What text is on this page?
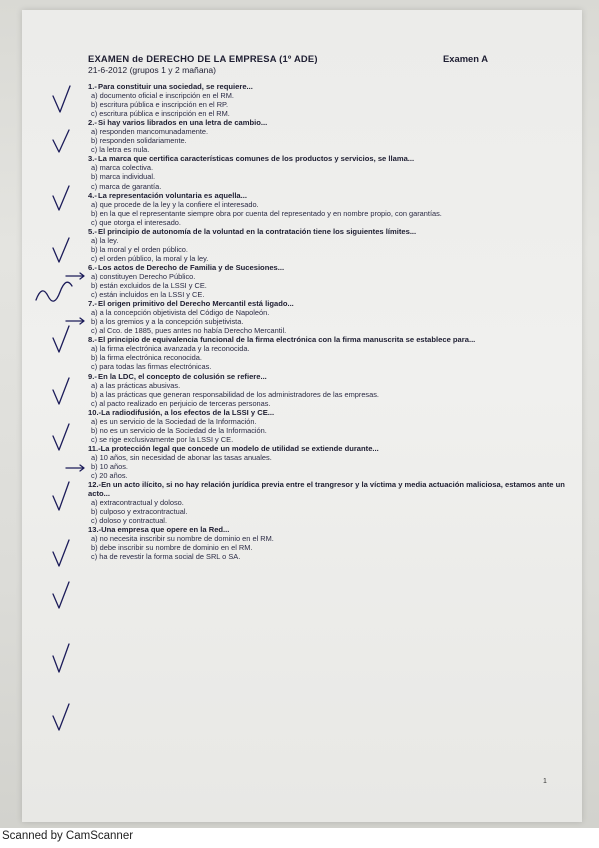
EXAMEN de DERECHO DE LA EMPRESA (1º ADE)	Examen A
21-6-2012 (grupos 1 y 2 mañana)
1.-Para constituir una sociedad, se requiere...
a) documento oficial e inscripción en el RM.
b) escritura pública e inscripción en el RP.
c) escritura pública e inscripción en el RM.
2.-Si hay varios librados en una letra de cambio...
a) responden mancomunadamente.
b) responden solidariamente.
c) la letra es nula.
3.-La marca que certifica características comunes de los productos y servicios, se llama...
a) marca colectiva.
b) marca individual.
c) marca de garantía.
4.-La representación voluntaria es aquella...
a) que procede de la ley y la confiere el interesado.
b) en la que el representante siempre obra por cuenta del representado y en nombre propio, con garantías.
c) que otorga el interesado.
5.-El principio de autonomía de la voluntad en la contratación tiene los siguientes límites...
a) la ley.
b) la moral y el orden público.
c) el orden público, la moral y la ley.
6.-Los actos de Derecho de Familia y de Sucesiones...
a) constituyen Derecho Público.
b) están excluidos de la LSSI y CE.
c) están incluidos en la LSSI y CE.
7.-El origen primitivo del Derecho Mercantil está ligado...
a) a la concepción objetivista del Código de Napoleón.
b) a los gremios y a la concepción subjetivista.
c) al Cco. de 1885, pues antes no había Derecho Mercantil.
8.-El principio de equivalencia funcional de la firma electrónica con la firma manuscrita se establece para...
a) la firma electrónica avanzada y la reconocida.
b) la firma electrónica reconocida.
c) para todas las firmas electrónicas.
9.-En la LDC, el concepto de colusión se refiere...
a) a las prácticas abusivas.
b) a las prácticas que generan responsabilidad de los administradores de las empresas.
c) al pacto realizado en perjuicio de terceras personas.
10.-La radiodifusión, a los efectos de la LSSI y CE...
a) es un servicio de la Sociedad de la Información.
b) no es un servicio de la Sociedad de la Información.
c) se rige exclusivamente por la LSSI y CE.
11.-La protección legal que concede un modelo de utilidad se extiende durante...
a) 10 años, sin necesidad de abonar las tasas anuales.
b) 10 años.
c) 20 años.
12.-En un acto ilícito, si no hay relación jurídica previa entre el trangresor y la víctima y media actuación maliciosa, estamos ante un acto...
a) extracontractual y doloso.
b) culposo y extracontractual.
c) doloso y contractual.
13.-Una empresa que opere en la Red...
a) no necesita inscribir su nombre de dominio en el RM.
b) debe inscribir su nombre de dominio en el RM.
c) ha de revestir la forma social de SRL o SA.
1
Scanned by CamScanner
